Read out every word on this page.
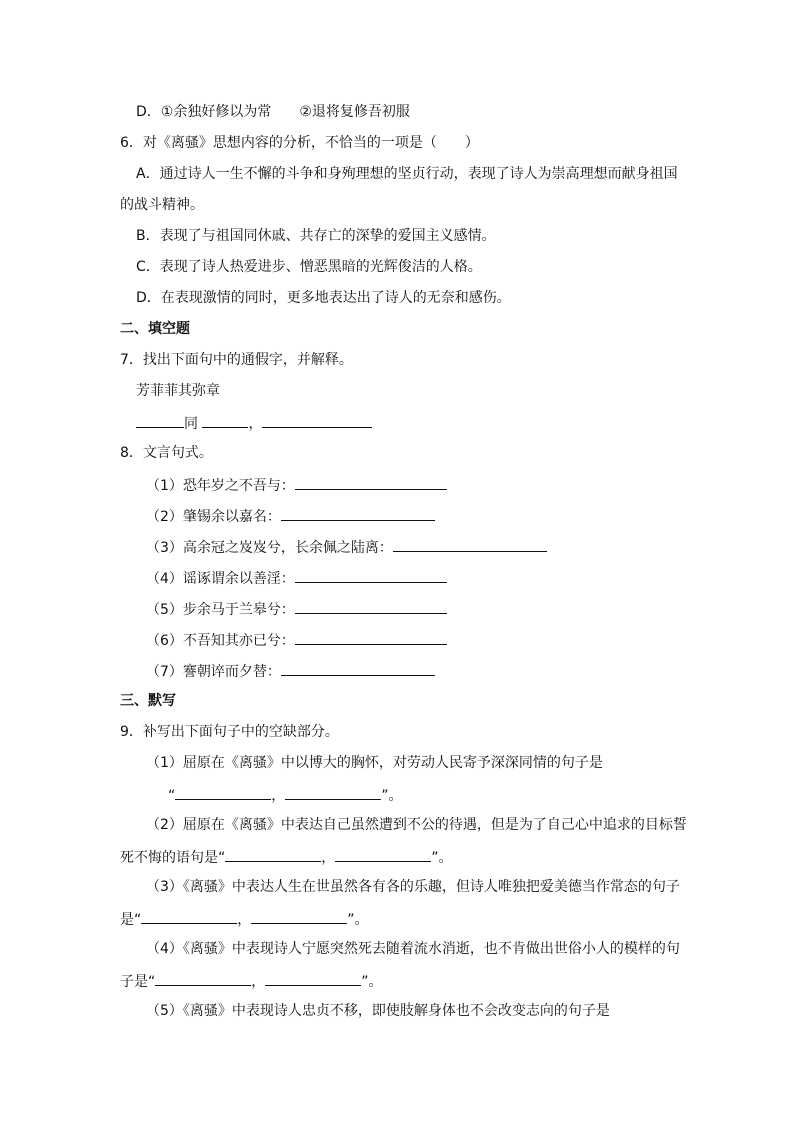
D．①余独好修以为常　　②退将复修吾初服
6．对《离骚》思想内容的分析，不恰当的一项是（　　）
A．通过诗人一生不懈的斗争和身殉理想的坚贞行动，表现了诗人为崇高理想而献身祖国
的战斗精神。
B．表现了与祖国同休戚、共存亡的深挚的爱国主义感情。
C．表现了诗人热爱进步、憎恶黑暗的光辉俊洁的人格。
D．在表现激情的同时，更多地表达出了诗人的无奈和感伤。
二、填空题
7．找出下面句中的通假字，并解释。
芳菲菲其弥章
同	，
8．文言句式。
（1）恐年岁之不吾与：
（2）肇锡余以嘉名：
（3）高余冠之岌岌兮，长余佩之陆离：
（4）谣诼谓余以善淫：
（5）步余马于兰皋兮：
（6）不吾知其亦已兮：
（7）謇朝谇而夕替：
三、默写
9．补写出下面句子中的空缺部分。
（1）屈原在《离骚》中以博大的胸怀，对劳动人民寄予深深同情的句子是
“	，	”。
（2）屈原在《离骚》中表达自己虽然遭到不公的待遇，但是为了自己心中追求的目标誓
死不悔的语句是“	，	”。
（3）《离骚》中表达人生在世虽然各有各的乐趣，但诗人唯独把爱美德当作常态的句子
是“	，	”。
（4）《离骚》中表现诗人宁愿突然死去随着流水消逝，也不肯做出世俗小人的模样的句
子是“	，	”。
（5）《离骚》中表现诗人忠贞不移，即使肢解身体也不会改变志向的句子是
